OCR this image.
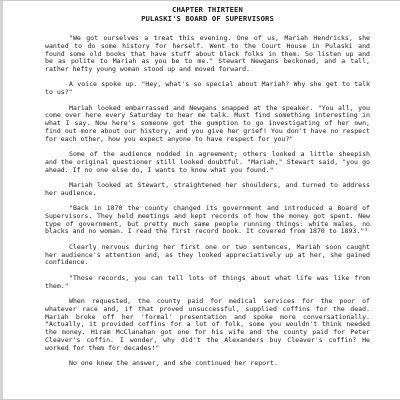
CHAPTER THIRTEEN
PULASKI'S BOARD OF SUPERVISORS

"We got ourselves a treat this evening. One of us, Mariah Hendricks, she wanted to do some history for herself. Went to the Court House in Pulaski and found some old books that have stuff about black folks in them. So listen up and be as polite to Mariah as you be to me." Stewart Newgans beckoned, and a tall, rather hefty young woman stood up and moved forward.

A voice spoke up. "Hey, what's so special about Mariah? Why she get to talk to us?"

Mariah looked embarrassed and Newgans snapped at the speaker. "You all, you come over here every Saturday to hear me talk. Must find something interesting in what I say. Now here's someone got the gumption to go investigating of her own, find out more about our history, and you give her grief! You don't have no respect for each other, how you expect anyone to have respect for you?"

Some of the audience nodded in agreement; others looked a little sheepish and the original questioner still looked doubtful. "Mariah," Stewart said, "you go ahead. If no one else do, I wants to know what you found."

Mariah looked at Stewart, straightened her shoulders, and turned to address her audience.

"Back in 1870 the county changed its government and introduced a Board of Supervisors. They held meetings and kept records of how the money got spent. New type of government, but pretty much same people running things: white males, no blacks and no woman. I read the first record book. It covered from 1870 to 1893."¹

Clearly nervous during her first one or two sentences, Mariah soon caught her audience's attention and, as they looked appreciatively up at her, she gained confidence.

"Those records, you can tell lots of things about what life was like from them."

When requested, the county paid for medical services for the poor of whatever race and, if that proved unsuccessful, supplied coffins for the dead. Mariah broke off her 'formal' presentation and spoke more conversationally. "Actually, it provided coffins for a lot of folk, some you wouldn't think needed the money. Hiram McClanahan got one for his wife and the county paid for Peter Cleaver's coffin. I wonder, why did't the Alexanders buy Cleaver's coffin? He worked for them for decades!"

No one knew the answer, and she continued her report.
